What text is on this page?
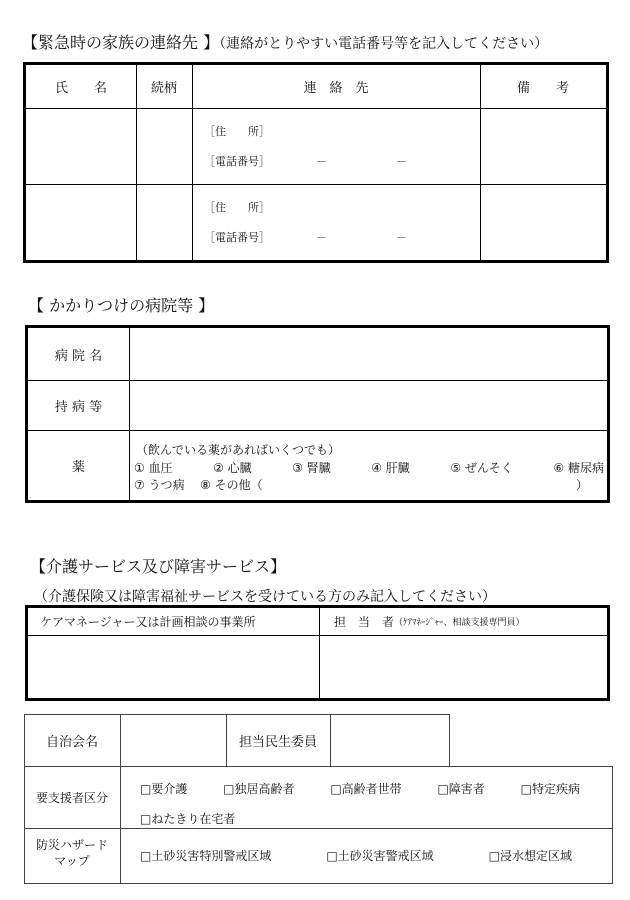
【緊急時の家族の連絡先 】（連絡がとりやすい電話番号等を記入してください）
氏　　名	続柄	連　絡　先	備　　考
［住　　所］
［電話番号］	－	－
［住　　所］
［電話番号］	－	－
【 かかりつけの病院等 】
病 院 名
持 病 等
薬
（飲んでいる薬があればいくつでも）
① 血圧	② 心臓	③ 腎臓	④ 肝臓	⑤ ぜんそく	⑥ 糖尿病
⑦ うつ病 ⑧ その他（	）
【介護サービス及び障害サービス】
（介護保険又は障害福祉サービスを受けている方のみ記入してください）
ケアマネージャー又は計画相談の事業所	担　当　者 （ｹｱﾏﾈｰｼﾞｬｰ、相談支援専門員）
自治会名	担当民生委員
要支援者区分
□要介護	□独居高齢者	□高齢者世帯	□障害者	□特定疾病
□ねたきり在宅者
防災ハザード
マップ	□土砂災害特別警戒区域	□土砂災害警戒区域	□浸水想定区域
